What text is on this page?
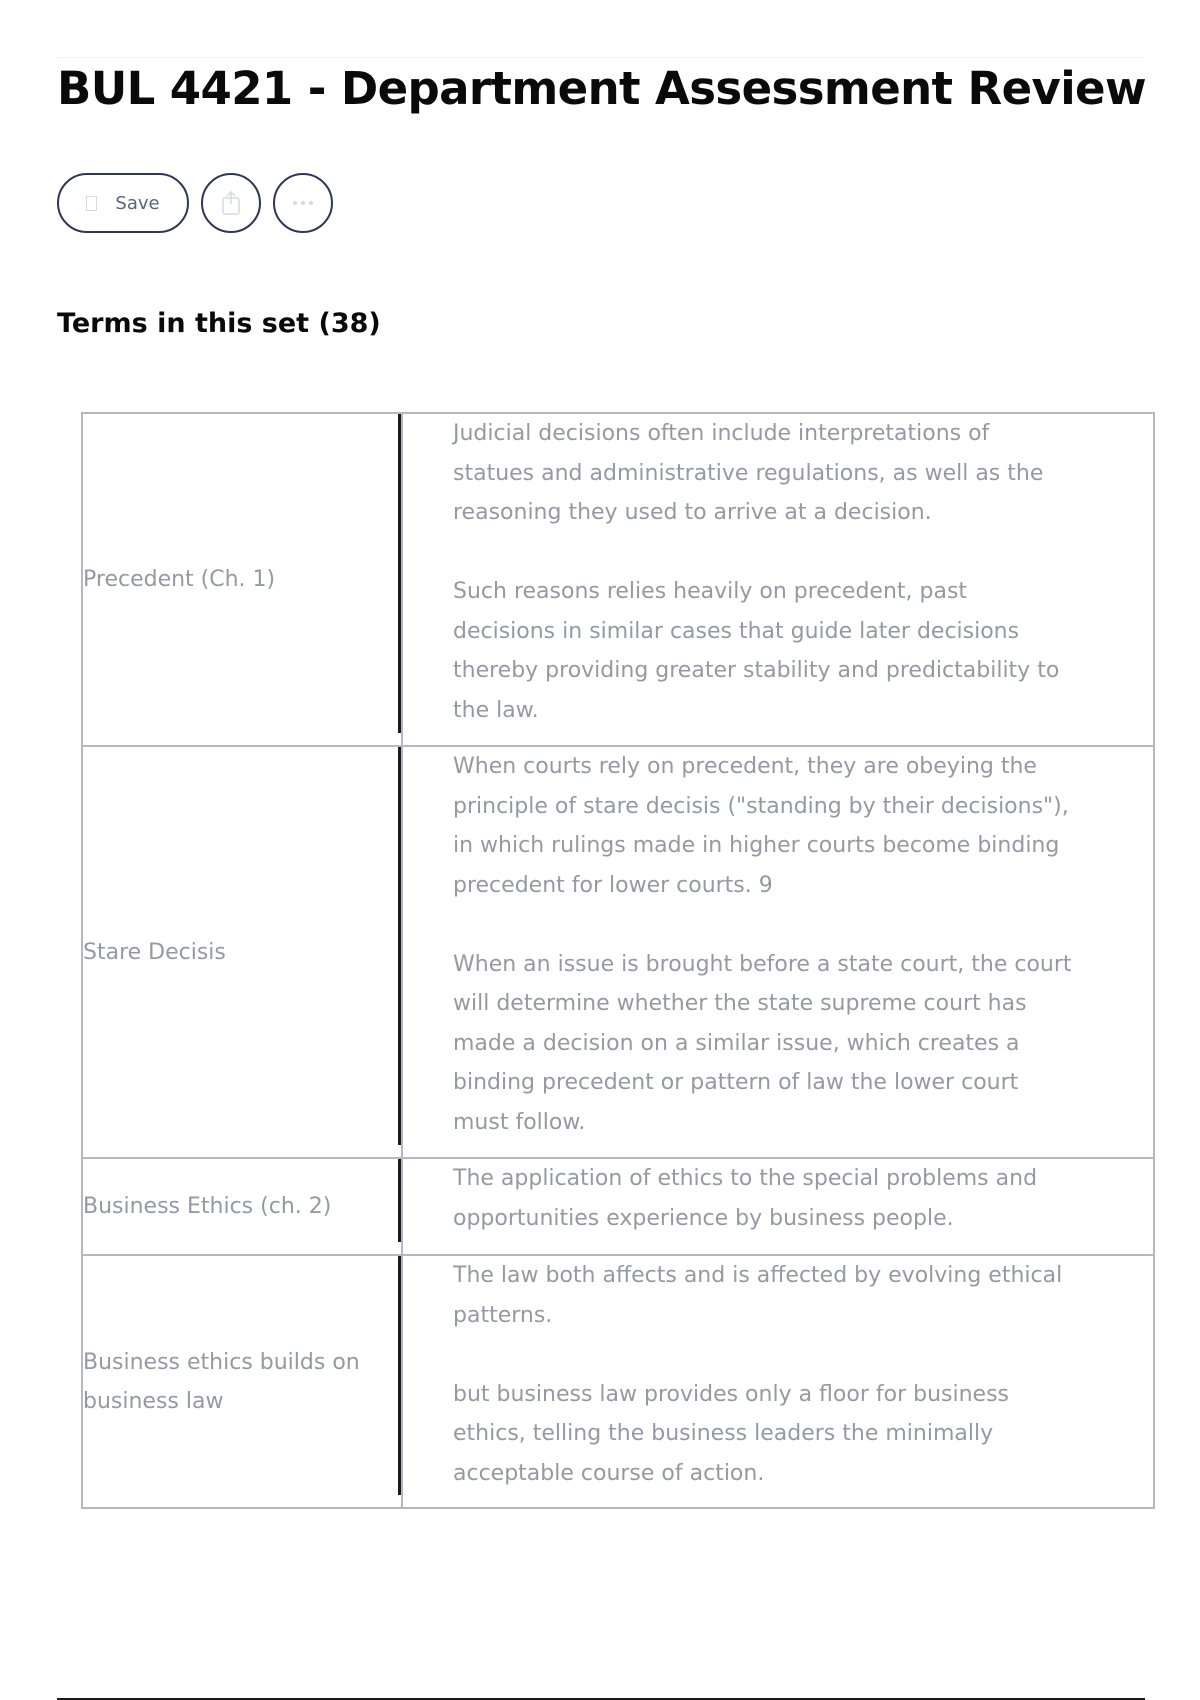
BUL 4421 - Department Assessment Review
Save
Terms in this set (38)
Precedent (Ch. 1)	Judicial decisions often include interpretations of statues and administrative regulations, as well as the reasoning they used to arrive at a decision.

Such reasons relies heavily on precedent, past decisions in similar cases that guide later decisions thereby providing greater stability and predictability to the law.

Stare Decisis	When courts rely on precedent, they are obeying the principle of stare decisis ("standing by their decisions"), in which rulings made in higher courts become binding precedent for lower courts. 9

When an issue is brought before a state court, the court will determine whether the state supreme court has made a decision on a similar issue, which creates a binding precedent or pattern of law the lower court must follow.

Business Ethics (ch. 2)	The application of ethics to the special problems and opportunities experience by business people.

Business ethics builds on business law	The law both affects and is affected by evolving ethical patterns.

but business law provides only a floor for business ethics, telling the business leaders the minimally acceptable course of action.
